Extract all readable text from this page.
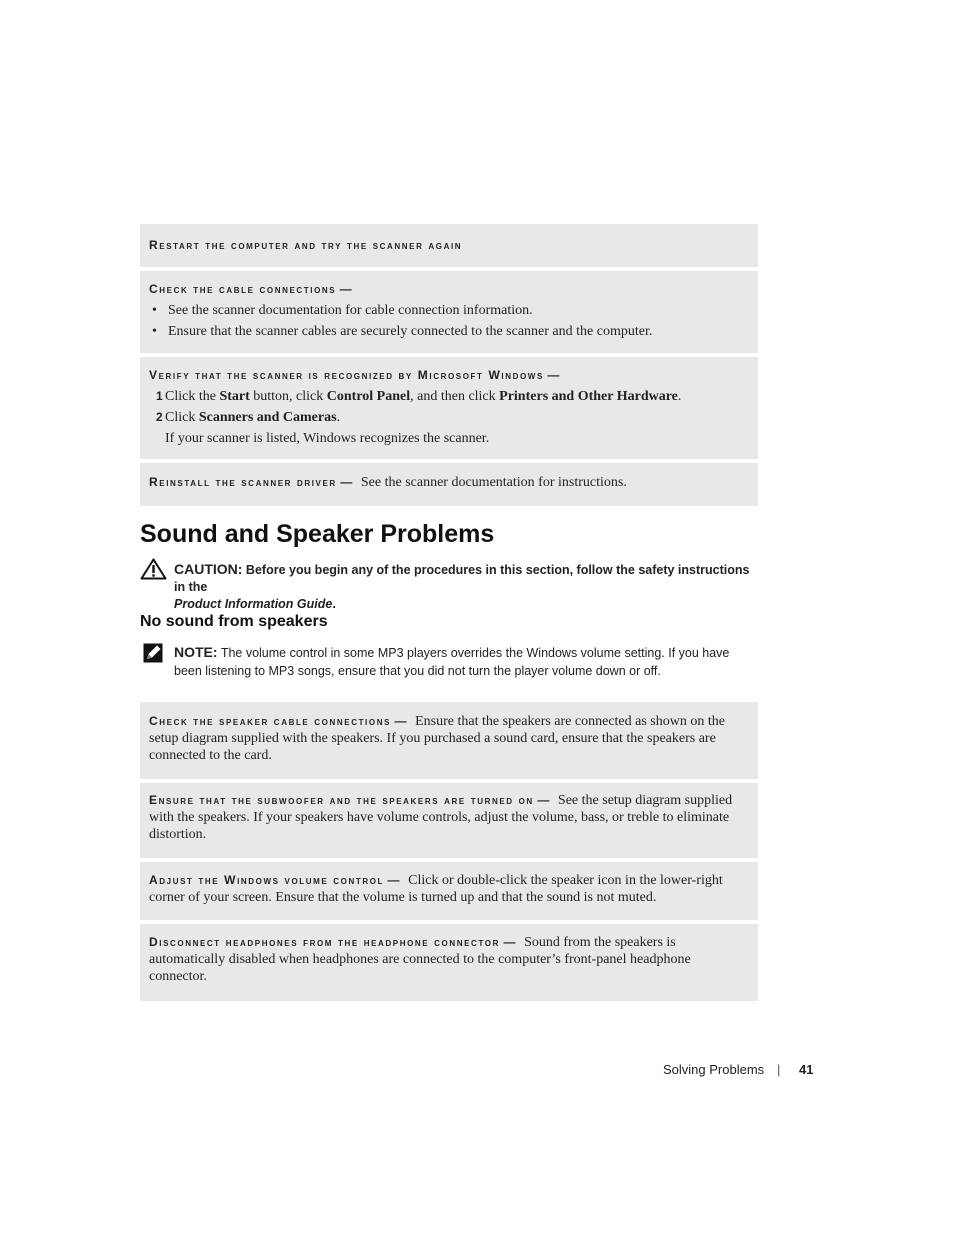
Restart the computer and try the scanner again
Check the cable connections —
• See the scanner documentation for cable connection information.
• Ensure that the scanner cables are securely connected to the scanner and the computer.
Verify that the scanner is recognized by Microsoft Windows —
1 Click the Start button, click Control Panel, and then click Printers and Other Hardware.
2 Click Scanners and Cameras.
If your scanner is listed, Windows recognizes the scanner.
Reinstall the scanner driver — See the scanner documentation for instructions.
Sound and Speaker Problems
CAUTION: Before you begin any of the procedures in this section, follow the safety instructions in the
Product Information Guide.
No sound from speakers
NOTE: The volume control in some MP3 players overrides the Windows volume setting. If you have been listening to MP3 songs, ensure that you did not turn the player volume down or off.
Check the speaker cable connections — Ensure that the speakers are connected as shown on the setup diagram supplied with the speakers. If you purchased a sound card, ensure that the speakers are connected to the card.
Ensure that the subwoofer and the speakers are turned on — See the setup diagram supplied with the speakers. If your speakers have volume controls, adjust the volume, bass, or treble to eliminate distortion.
Adjust the Windows volume control — Click or double-click the speaker icon in the lower-right corner of your screen. Ensure that the volume is turned up and that the sound is not muted.
Disconnect headphones from the headphone connector — Sound from the speakers is automatically disabled when headphones are connected to the computer’s front-panel headphone connector.
Solving Problems | 41
